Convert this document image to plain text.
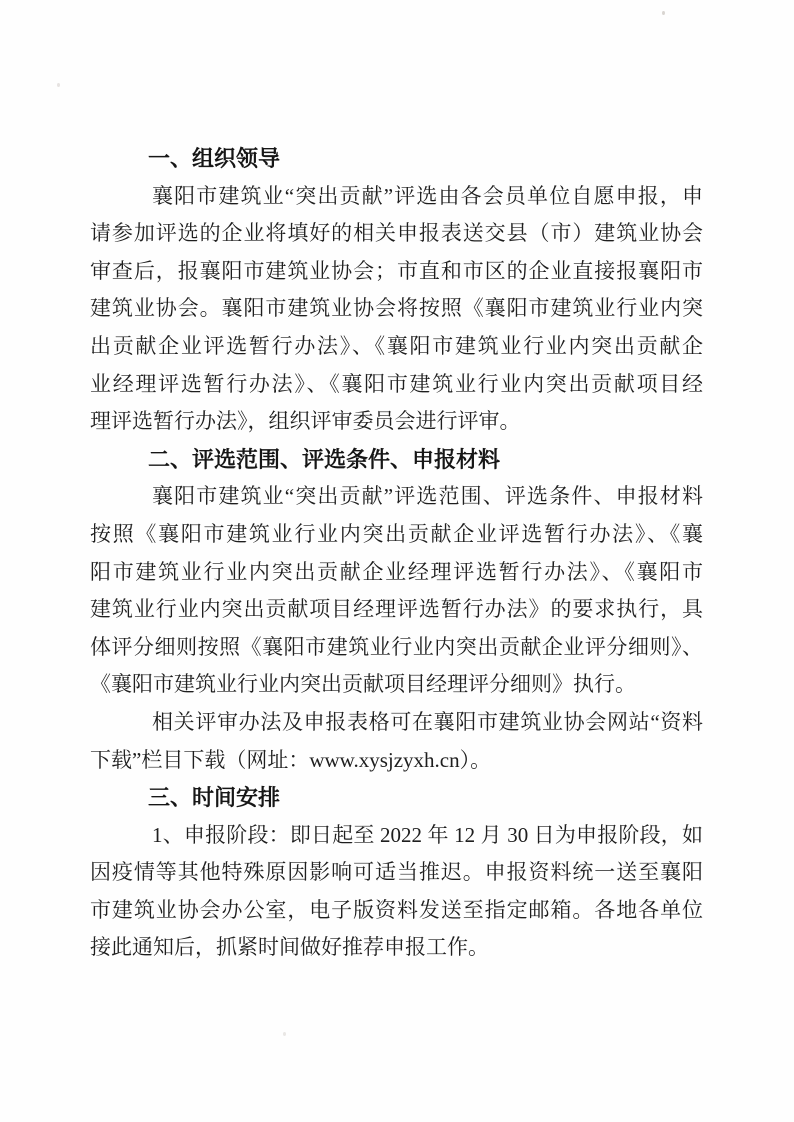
一、组织领导
襄阳市建筑业“突出贡献”评选由各会员单位自愿申报，申
请参加评选的企业将填好的相关申报表送交县（市）建筑业协会
审查后，报襄阳市建筑业协会；市直和市区的企业直接报襄阳市
建筑业协会。襄阳市建筑业协会将按照《襄阳市建筑业行业内突
出贡献企业评选暂行办法》、《襄阳市建筑业行业内突出贡献企
业经理评选暂行办法》、《襄阳市建筑业行业内突出贡献项目经
理评选暂行办法》，组织评审委员会进行评审。
二、评选范围、评选条件、申报材料
襄阳市建筑业“突出贡献”评选范围、评选条件、申报材料
按照《襄阳市建筑业行业内突出贡献企业评选暂行办法》、《襄
阳市建筑业行业内突出贡献企业经理评选暂行办法》、《襄阳市
建筑业行业内突出贡献项目经理评选暂行办法》的要求执行，具
体评分细则按照《襄阳市建筑业行业内突出贡献企业评分细则》、
《襄阳市建筑业行业内突出贡献项目经理评分细则》执行。
相关评审办法及申报表格可在襄阳市建筑业协会网站“资料
下载”栏目下载（网址：www.xysjzyxh.cn）。
三、时间安排
1、申报阶段：即日起至 2022 年 12 月 30 日为申报阶段，如
因疫情等其他特殊原因影响可适当推迟。申报资料统一送至襄阳
市建筑业协会办公室，电子版资料发送至指定邮箱。各地各单位
接此通知后，抓紧时间做好推荐申报工作。
